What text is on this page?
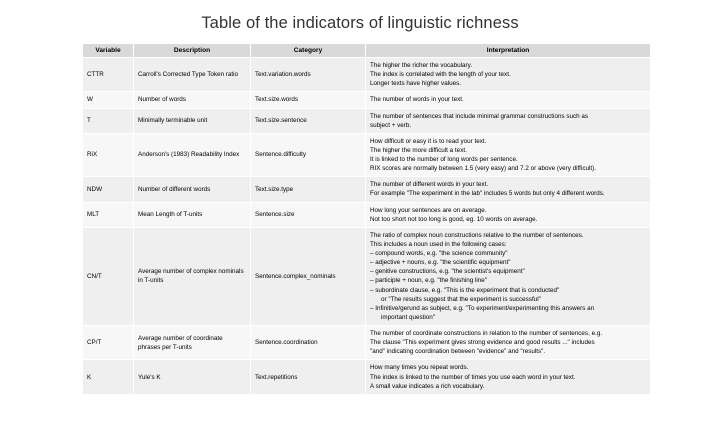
Table of the indicators of linguistic richness
Variable	Description	Category	Interpretation
CTTR	Carroll's Corrected Type Token ratio	Text.variation.words	The higher the richer the vocabulary.
The index is correlated with the length of your text.
Longer texts have higher values.

W	Number of words	Text.size.words	The number of words in your text.

T	Minimally terminable unit	Text.size.sentence	The number of sentences that include minimal grammar constructions such as
subject + verb.

RiX	Anderson's (1983) Readability Index	Sentence.difficulty	How difficult or easy it is to read your text.
The higher the more difficult a text.
It is linked to the number of long words per sentence.
RIX scores are normally between 1.5 (very easy) and 7.2 or above (very difficult).

NDW	Number of different words	Text.size.type	The number of different words in your text.
For example "The experiment in the lab" includes 5 words but only 4 different words.

MLT	Mean Length of T-units	Sentence.size	How long your sentences are on average.
Not too short not too long is good, eg. 10 words on average.

CN/T	Average number of complex nominals in T-units	Sentence.complex_nominals	
The ratio of complex noun constructions relative to the number of sentences.
This includes a noun used in the following cases:
– compound words, e.g. "the science community"
– adjective + nouns, e.g. "the scientific equipment"
– genitive constructions, e.g. "the scientist's equipment"
– participle + noun, e.g. "the finishing line"
– subordinate clause, e.g. "This is the experiment that is conducted"
or "The results suggest that the experiment is successful"
– Infinitive/gerund as subject, e.g. "To experiment/experimenting this answers an
important question"

CP/T	Average number of coordinate phrases per T-units	Sentence.coordination	The number of coordinate constructions in relation to the number of sentences, e.g.
The clause "This experiment gives strong evidence and good results ..." includes
"and" indicating coordination between "evidence" and "results".

K	Yule's K	Text.repetitions	How many times you repeat words.
The index is linked to the number of times you use each word in your text.
A small value indicates a rich vocabulary.
